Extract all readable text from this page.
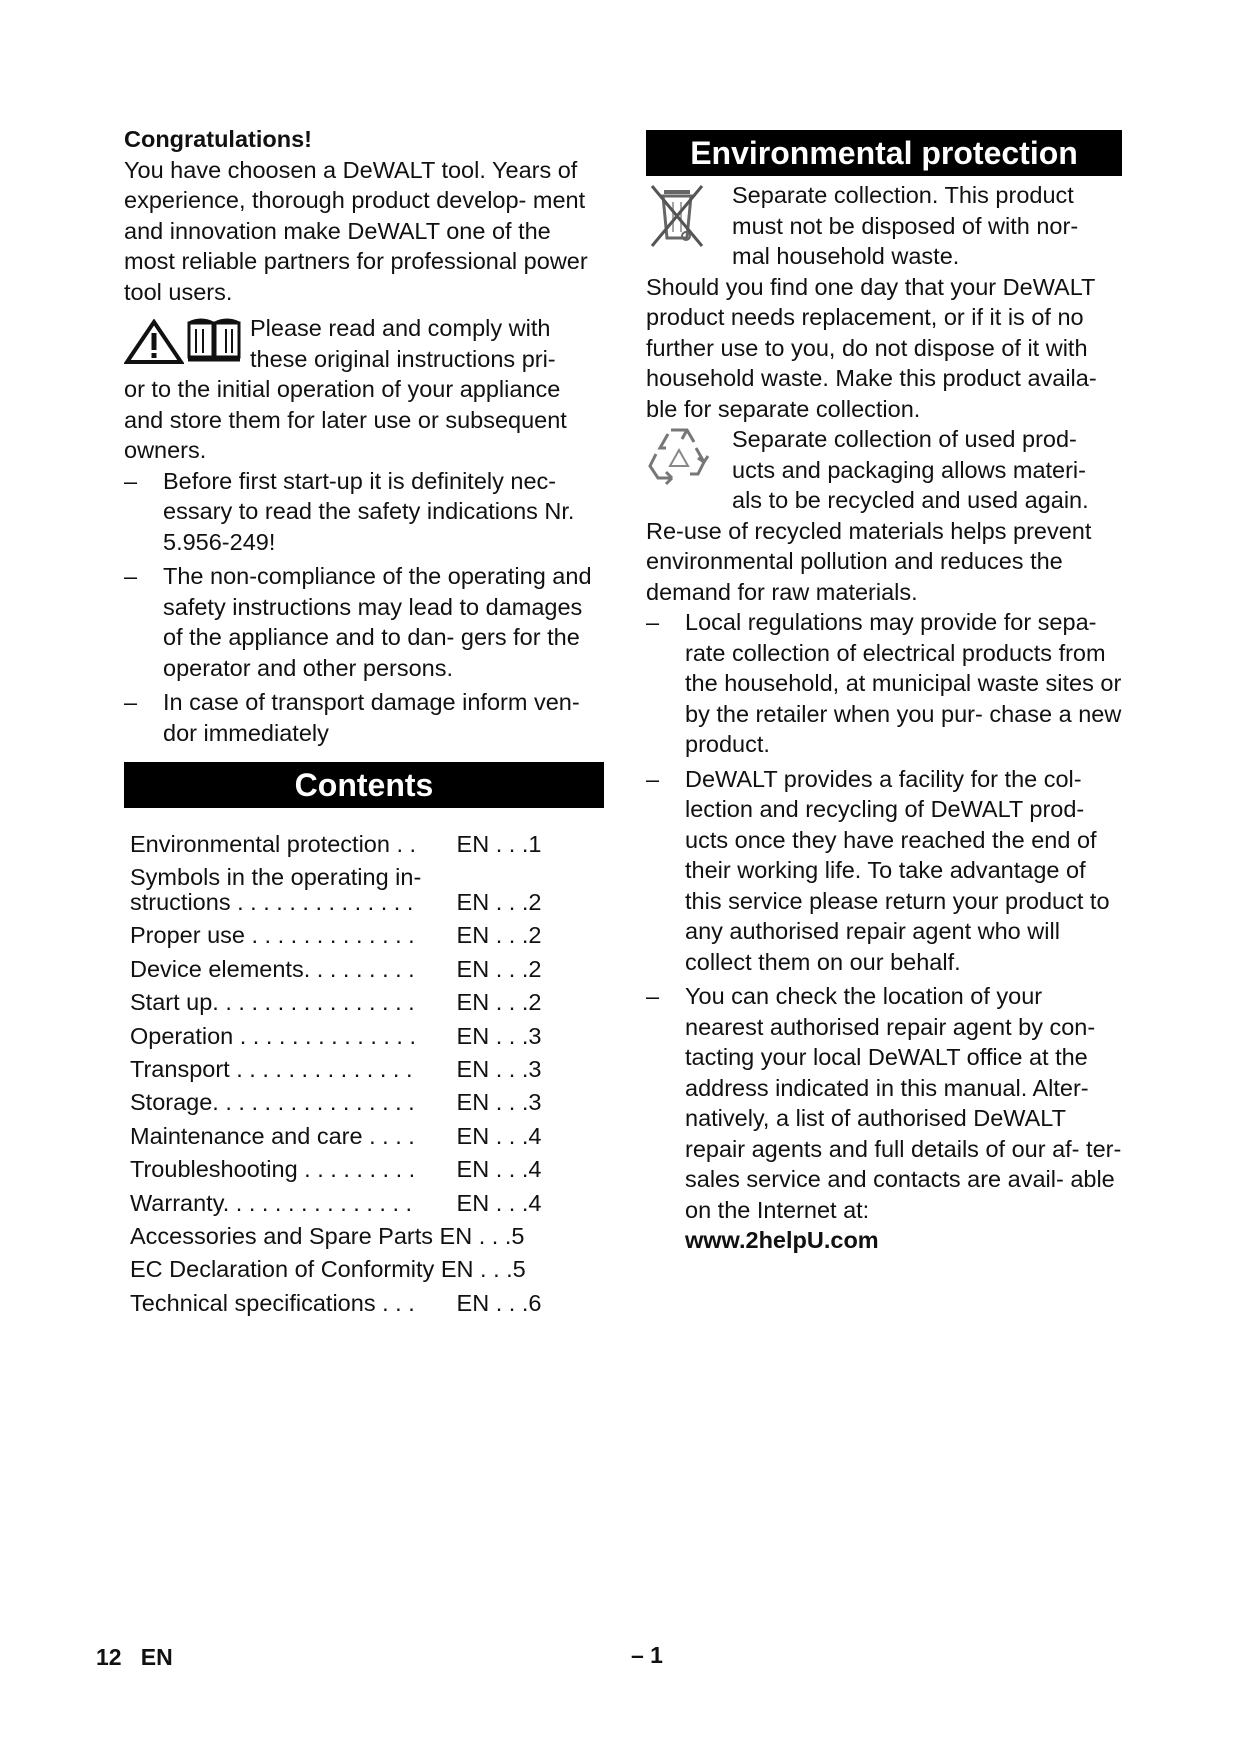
Congratulations!

You have choosen a DeWALT tool. Years of experience, thorough product develop- ment and innovation make DeWALT one of the most reliable partners for professional power tool users.

Please read and comply with these original instructions pri-

or to the initial operation of your appliance and store them for later use or subsequent owners.

– Before first start-up it is definitely nec- essary to read the safety indications Nr. 5.956-249!

– The non-compliance of the operating and safety instructions may lead to damages of the appliance and to dan- gers for the operator and other persons.

– In case of transport damage inform ven- dor immediately

Contents
Environmental protection . .	EN . . .1
Symbols in the operating in-
structions . . . . . . . . . . . . . .	EN . . .2
Proper use . . . . . . . . . . . . .	EN . . .2
Device elements. . . . . . . . .	EN . . .2
Start up. . . . . . . . . . . . . . . .	EN . . .2
Operation . . . . . . . . . . . . . .	EN . . .3
Transport . . . . . . . . . . . . . .	EN . . .3
Storage. . . . . . . . . . . . . . . .	EN . . .3
Maintenance and care . . . .	EN . . .4
Troubleshooting . . . . . . . . .	EN . . .4
Warranty. . . . . . . . . . . . . . .	EN . . .4
Accessories and Spare Parts EN . . .5
EC Declaration of Conformity EN . . .5
Technical specifications . . .	EN . . .6
Environmental protection
Separate collection. This product must not be disposed of with nor- mal household waste.

Should you find one day that your DeWALT product needs replacement, or if it is of no further use to you, do not dispose of it with household waste. Make this product availa- ble for separate collection.

Separate collection of used prod- ucts and packaging allows materi- als to be recycled and used again.

Re-use of recycled materials helps prevent environmental pollution and reduces the demand for raw materials.

– Local regulations may provide for sepa- rate collection of electrical products from the household, at municipal waste sites or by the retailer when you pur- chase a new product.

– DeWALT provides a facility for the col- lection and recycling of DeWALT prod- ucts once they have reached the end of their working life. To take advantage of this service please return your product to any authorised repair agent who will collect them on our behalf.

– You can check the location of your nearest authorised repair agent by con- tacting your local DeWALT office at the address indicated in this manual. Alter- natively, a list of authorised DeWALT repair agents and full details of our af- ter-sales service and contacts are avail- able on the Internet at:

www.2helpU.com

12   EN	– 1
